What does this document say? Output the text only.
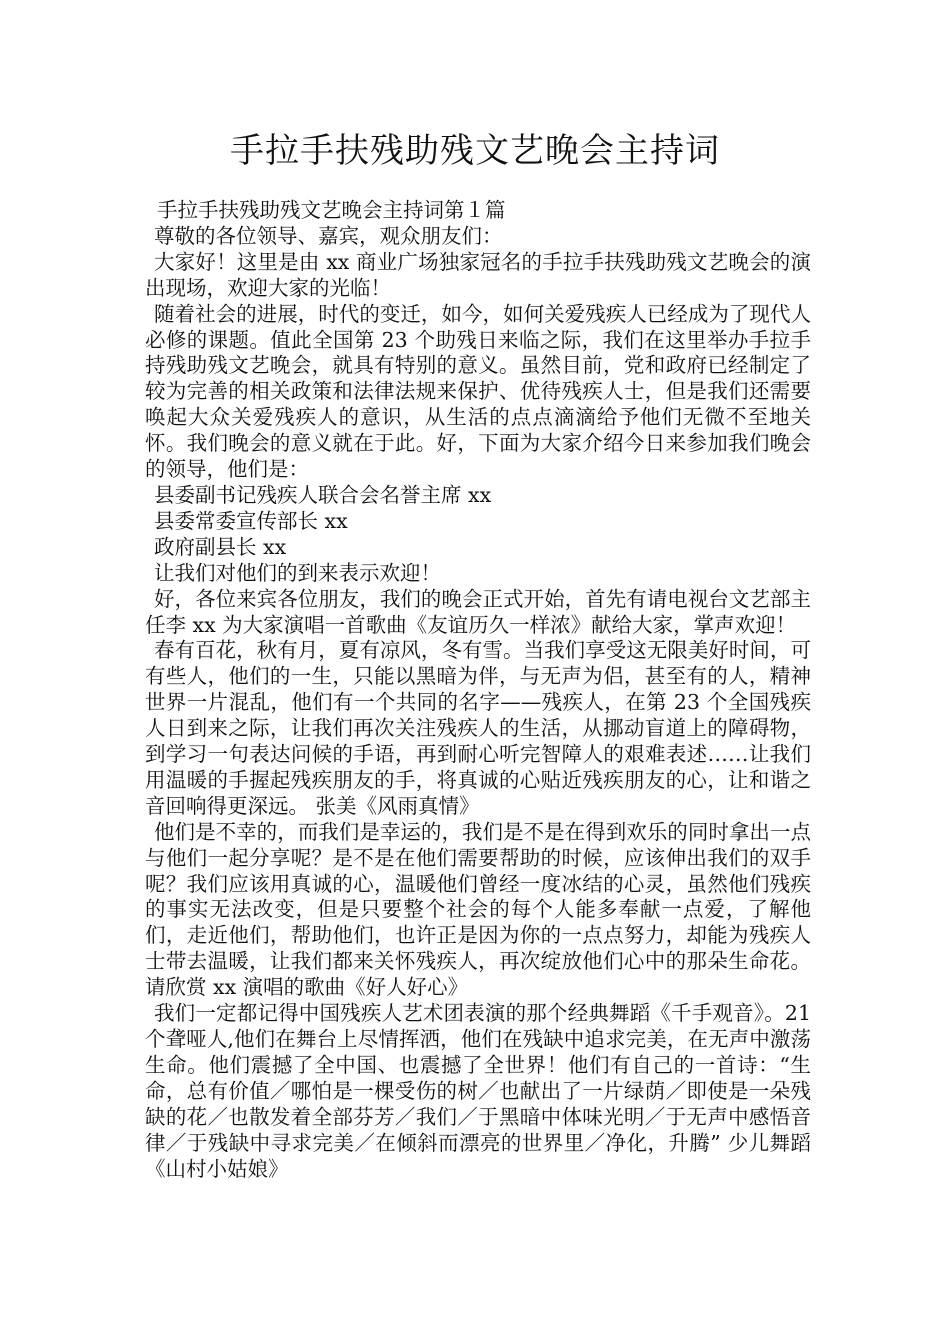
手拉手扶残助残文艺晚会主持词

手拉手扶残助残文艺晚会主持词第１篇

尊敬的各位领导、嘉宾，观众朋友们：

大家好！这里是由 xx 商业广场独家冠名的手拉手扶残助残文艺晚会的演出现场，欢迎大家的光临！

随着社会的进展，时代的变迁，如今，如何关爱残疾人已经成为了现代人必修的课题。值此全国第 23 个助残日来临之际，我们在这里举办手拉手持残助残文艺晚会，就具有特别的意义。虽然目前，党和政府已经制定了较为完善的相关政策和法律法规来保护、优待残疾人士，但是我们还需要唤起大众关爱残疾人的意识，从生活的点点滴滴给予他们无微不至地关怀。我们晚会的意义就在于此。好，下面为大家介绍今日来参加我们晚会的领导，他们是：

县委副书记残疾人联合会名誉主席 xx

县委常委宣传部长 xx

政府副县长 xx

让我们对他们的到来表示欢迎！

好，各位来宾各位朋友，我们的晚会正式开始，首先有请电视台文艺部主任李 xx 为大家演唱一首歌曲《友谊历久一样浓》献给大家，掌声欢迎！

春有百花，秋有月，夏有凉风，冬有雪。当我们享受这无限美好时间，可有些人，他们的一生，只能以黑暗为伴，与无声为侣，甚至有的人，精神世界一片混乱，他们有一个共同的名字——残疾人，在第 23 个全国残疾人日到来之际，让我们再次关注残疾人的生活，从挪动盲道上的障碍物，到学习一句表达问候的手语，再到耐心听完智障人的艰难表述……让我们用温暖的手握起残疾朋友的手，将真诚的心贴近残疾朋友的心，让和谐之音回响得更深远。 张美《风雨真情》

他们是不幸的，而我们是幸运的，我们是不是在得到欢乐的同时拿出一点与他们一起分享呢？是不是在他们需要帮助的时候，应该伸出我们的双手呢？我们应该用真诚的心，温暖他们曾经一度冰结的心灵，虽然他们残疾的事实无法改变，但是只要整个社会的每个人能多奉献一点爱，了解他们，走近他们，帮助他们，也许正是因为你的一点点努力，却能为残疾人士带去温暖，让我们都来关怀残疾人，再次绽放他们心中的那朵生命花。请欣赏 xx 演唱的歌曲《好人好心》

我们一定都记得中国残疾人艺术团表演的那个经典舞蹈《千手观音》。21 个聋哑人,他们在舞台上尽情挥洒，他们在残缺中追求完美，在无声中激荡生命。他们震撼了全中国、也震撼了全世界！他们有自己的一首诗：“生命，总有价值／哪怕是一棵受伤的树／也献出了一片绿荫／即使是一朵残缺的花／也散发着全部芬芳／我们／于黑暗中体味光明／于无声中感悟音律／于残缺中寻求完美／在倾斜而漂亮的世界里／净化，升腾” 少儿舞蹈《山村小姑娘》
